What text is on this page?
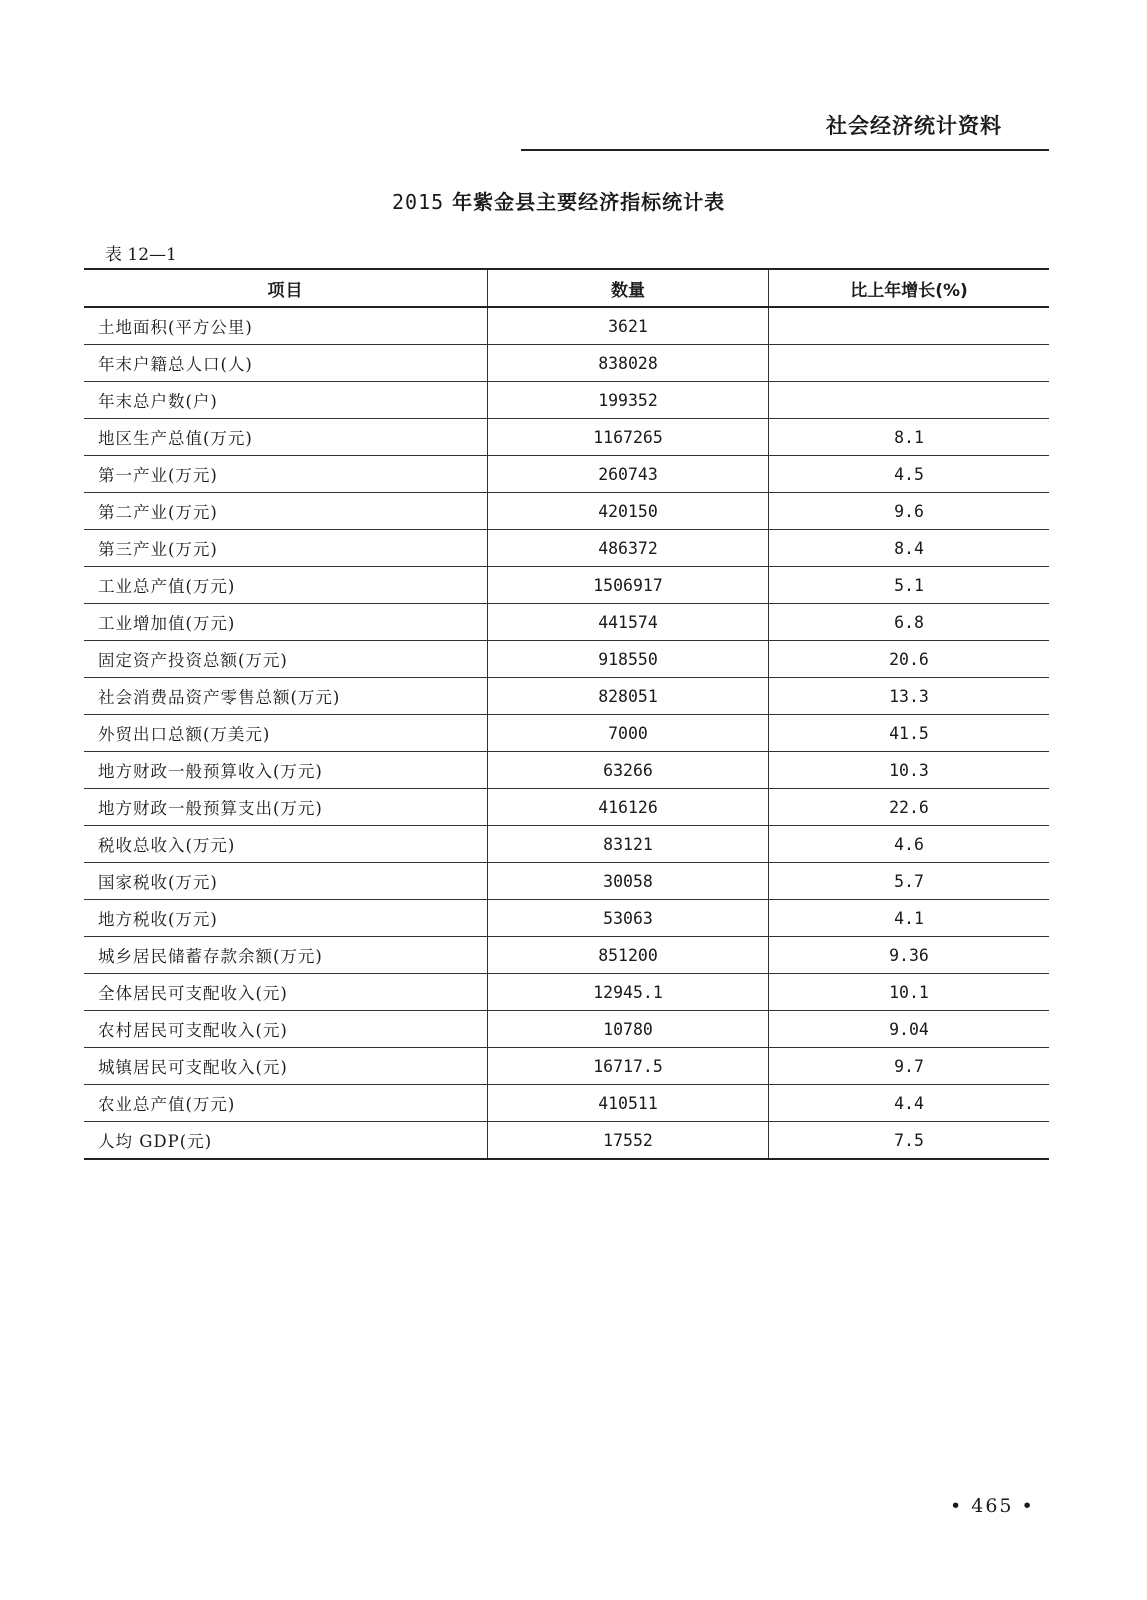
社会经济统计资料
2015 年紫金县主要经济指标统计表
表 12—1
项目	数量	比上年增长(%)
土地面积(平方公里)	3621	
年末户籍总人口(人)	838028	
年末总户数(户)	199352	
地区生产总值(万元)	1167265	8.1
第一产业(万元)	260743	4.5
第二产业(万元)	420150	9.6
第三产业(万元)	486372	8.4
工业总产值(万元)	1506917	5.1
工业增加值(万元)	441574	6.8
固定资产投资总额(万元)	918550	20.6
社会消费品资产零售总额(万元)	828051	13.3
外贸出口总额(万美元)	7000	41.5
地方财政一般预算收入(万元)	63266	10.3
地方财政一般预算支出(万元)	416126	22.6
税收总收入(万元)	83121	4.6
国家税收(万元)	30058	5.7
地方税收(万元)	53063	4.1
城乡居民储蓄存款余额(万元)	851200	9.36
全体居民可支配收入(元)	12945.1	10.1
农村居民可支配收入(元)	10780	9.04
城镇居民可支配收入(元)	16717.5	9.7
农业总产值(万元)	410511	4.4
人均 GDP(元)	17552	7.5
• 465 •
